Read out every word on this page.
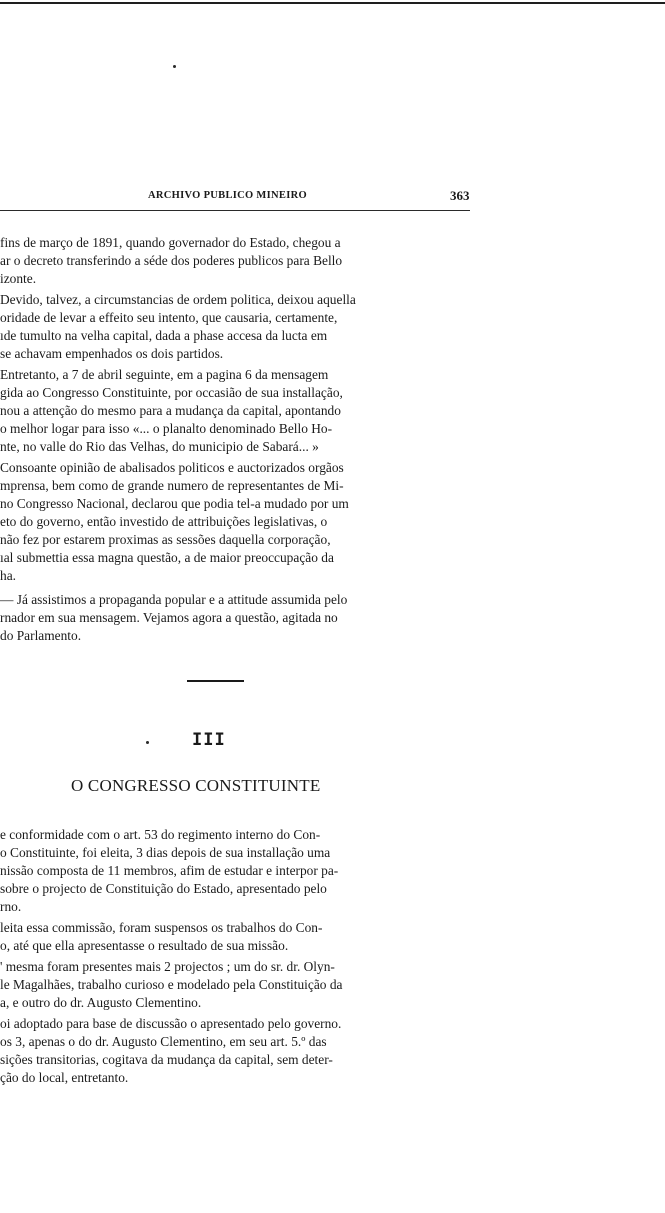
ARCHIVO PUBLICO MINEIRO	363
fins de março de 1891, quando governador do Estado, chegou a
ar o decreto transferindo a séde dos poderes publicos para Bello
izonte.
Devido, talvez, a circumstancias de ordem politica, deixou aquella
oridade de levar a effeito seu intento, que causaria, certamente,
ıde tumulto na velha capital, dada a phase accesa da lucta em
se achavam empenhados os dois partidos.
Entretanto, a 7 de abril seguinte, em a pagina 6 da mensagem
gida ao Congresso Constituinte, por occasião de sua installação,
nou a attenção do mesmo para a mudança da capital, apontando
o melhor logar para isso «... o planalto denominado Bello Ho-
nte, no valle do Rio das Velhas, do municipio de Sabará... »
Consoante opinião de abalisados politicos e auctorizados orgãos
mprensa, bem como de grande numero de representantes de Mi-
no Congresso Nacional, declarou que podia tel-a mudado por um
eto do governo, então investido de attribuições legislativas, o
não fez por estarem proximas as sessões daquella corporação,
ıal submettia essa magna questão, a de maior preoccupação da
ha.
— Já assistimos a propaganda popular e a attitude assumida pelo
rnador em sua mensagem. Vejamos agora a questão, agitada no
do Parlamento.
III
O CONGRESSO CONSTITUINTE
e conformidade com o art. 53 do regimento interno do Con-
o Constituinte, foi eleita, 3 dias depois de sua installação uma
nissão composta de 11 membros, afim de estudar e interpor pa-
sobre o projecto de Constituição do Estado, apresentado pelo
rno.
leita essa commissão, foram suspensos os trabalhos do Con-
o, até que ella apresentasse o resultado de sua missão.
' mesma foram presentes mais 2 projectos ; um do sr. dr. Olyn-
le Magalhães, trabalho curioso e modelado pela Constituição da
a, e outro do dr. Augusto Clementino.
oi adoptado para base de discussão o apresentado pelo governo.
os 3, apenas o do dr. Augusto Clementino, em seu art. 5.º das
sições transitorias, cogitava da mudança da capital, sem deter-
ção do local, entretanto.
